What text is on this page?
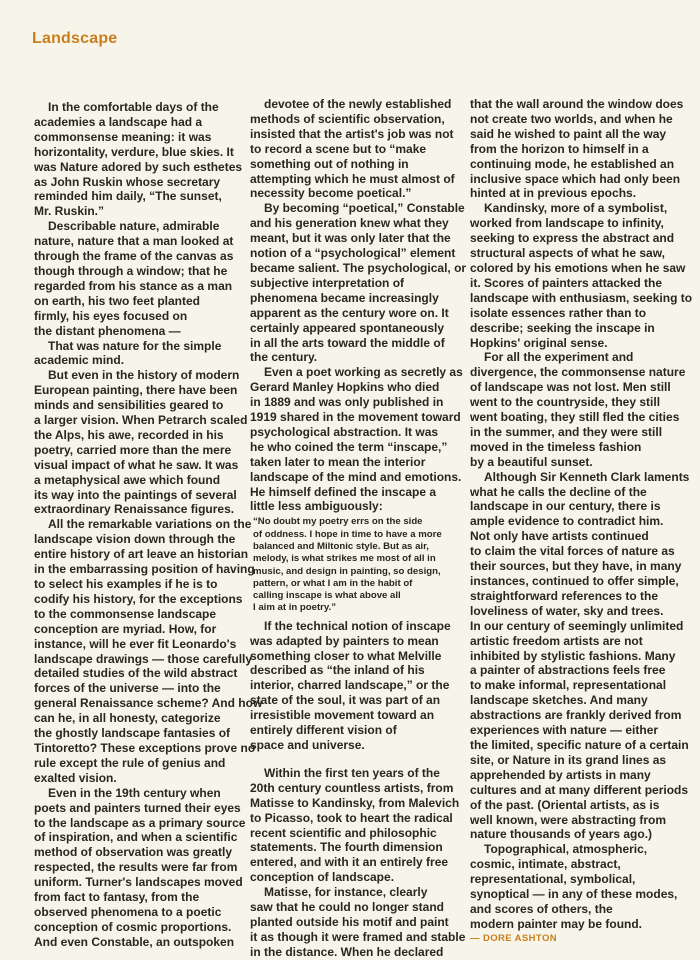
Landscape
In the comfortable days of the
academies a landscape had a
commonsense meaning: it was
horizontality, verdure, blue skies. It
was Nature adored by such esthetes
as John Ruskin whose secretary
reminded him daily, “The sunset,
Mr. Ruskin.”
Describable nature, admirable
nature, nature that a man looked at
through the frame of the canvas as
though through a window; that he
regarded from his stance as a man
on earth, his two feet planted
firmly, his eyes focused on
the distant phenomena —
That was nature for the simple
academic mind.
But even in the history of modern
European painting, there have been
minds and sensibilities geared to
a larger vision. When Petrarch scaled
the Alps, his awe, recorded in his
poetry, carried more than the mere
visual impact of what he saw. It was
a metaphysical awe which found
its way into the paintings of several
extraordinary Renaissance figures.
All the remarkable variations on the
landscape vision down through the
entire history of art leave an historian
in the embarrassing position of having
to select his examples if he is to
codify his history, for the exceptions
to the commonsense landscape
conception are myriad. How, for
instance, will he ever fit Leonardo's
landscape drawings — those carefully
detailed studies of the wild abstract
forces of the universe — into the
general Renaissance scheme? And how
can he, in all honesty, categorize
the ghostly landscape fantasies of
Tintoretto? These exceptions prove no
rule except the rule of genius and
exalted vision.
Even in the 19th century when
poets and painters turned their eyes
to the landscape as a primary source
of inspiration, and when a scientific
method of observation was greatly
respected, the results were far from
uniform. Turner's landscapes moved
from fact to fantasy, from the
observed phenomena to a poetic
conception of cosmic proportions.
And even Constable, an outspoken
devotee of the newly established
methods of scientific observation,
insisted that the artist's job was not
to record a scene but to “make
something out of nothing in
attempting which he must almost of
necessity become poetical.”
By becoming “poetical,” Constable
and his generation knew what they
meant, but it was only later that the
notion of a “psychological” element
became salient. The psychological, or
subjective interpretation of
phenomena became increasingly
apparent as the century wore on. It
certainly appeared spontaneously
in all the arts toward the middle of
the century.
Even a poet working as secretly as
Gerard Manley Hopkins who died
in 1889 and was only published in
1919 shared in the movement toward
psychological abstraction. It was
he who coined the term “inscape,”
taken later to mean the interior
landscape of the mind and emotions.
He himself defined the inscape a
little less ambiguously:
“No doubt my poetry errs on the side
of oddness. I hope in time to have a more
balanced and Miltonic style. But as air,
melody, is what strikes me most of all in
music, and design in painting, so design,
pattern, or what I am in the habit of
calling inscape is what above all
I aim at in poetry.”
If the technical notion of inscape
was adapted by painters to mean
something closer to what Melville
described as “the inland of his
interior, charred landscape,” or the
state of the soul, it was part of an
irresistible movement toward an
entirely different vision of
space and universe.
Within the first ten years of the
20th century countless artists, from
Matisse to Kandinsky, from Malevich
to Picasso, took to heart the radical
recent scientific and philosophic
statements. The fourth dimension
entered, and with it an entirely free
conception of landscape.
Matisse, for instance, clearly
saw that he could no longer stand
planted outside his motif and paint
it as though it were framed and stable
in the distance. When he declared
that the wall around the window does
not create two worlds, and when he
said he wished to paint all the way
from the horizon to himself in a
continuing mode, he established an
inclusive space which had only been
hinted at in previous epochs.
Kandinsky, more of a symbolist,
worked from landscape to infinity,
seeking to express the abstract and
structural aspects of what he saw,
colored by his emotions when he saw
it. Scores of painters attacked the
landscape with enthusiasm, seeking to
isolate essences rather than to
describe; seeking the inscape in
Hopkins' original sense.
For all the experiment and
divergence, the commonsense nature
of landscape was not lost. Men still
went to the countryside, they still
went boating, they still fled the cities
in the summer, and they were still
moved in the timeless fashion
by a beautiful sunset.
Although Sir Kenneth Clark laments
what he calls the decline of the
landscape in our century, there is
ample evidence to contradict him.
Not only have artists continued
to claim the vital forces of nature as
their sources, but they have, in many
instances, continued to offer simple,
straightforward references to the
loveliness of water, sky and trees.
In our century of seemingly unlimited
artistic freedom artists are not
inhibited by stylistic fashions. Many
a painter of abstractions feels free
to make informal, representational
landscape sketches. And many
abstractions are frankly derived from
experiences with nature — either
the limited, specific nature of a certain
site, or Nature in its grand lines as
apprehended by artists in many
cultures and at many different periods
of the past. (Oriental artists, as is
well known, were abstracting from
nature thousands of years ago.)
Topographical, atmospheric,
cosmic, intimate, abstract,
representational, symbolical,
synoptical — in any of these modes,
and scores of others, the
modern painter may be found.
— DORE ASHTON
